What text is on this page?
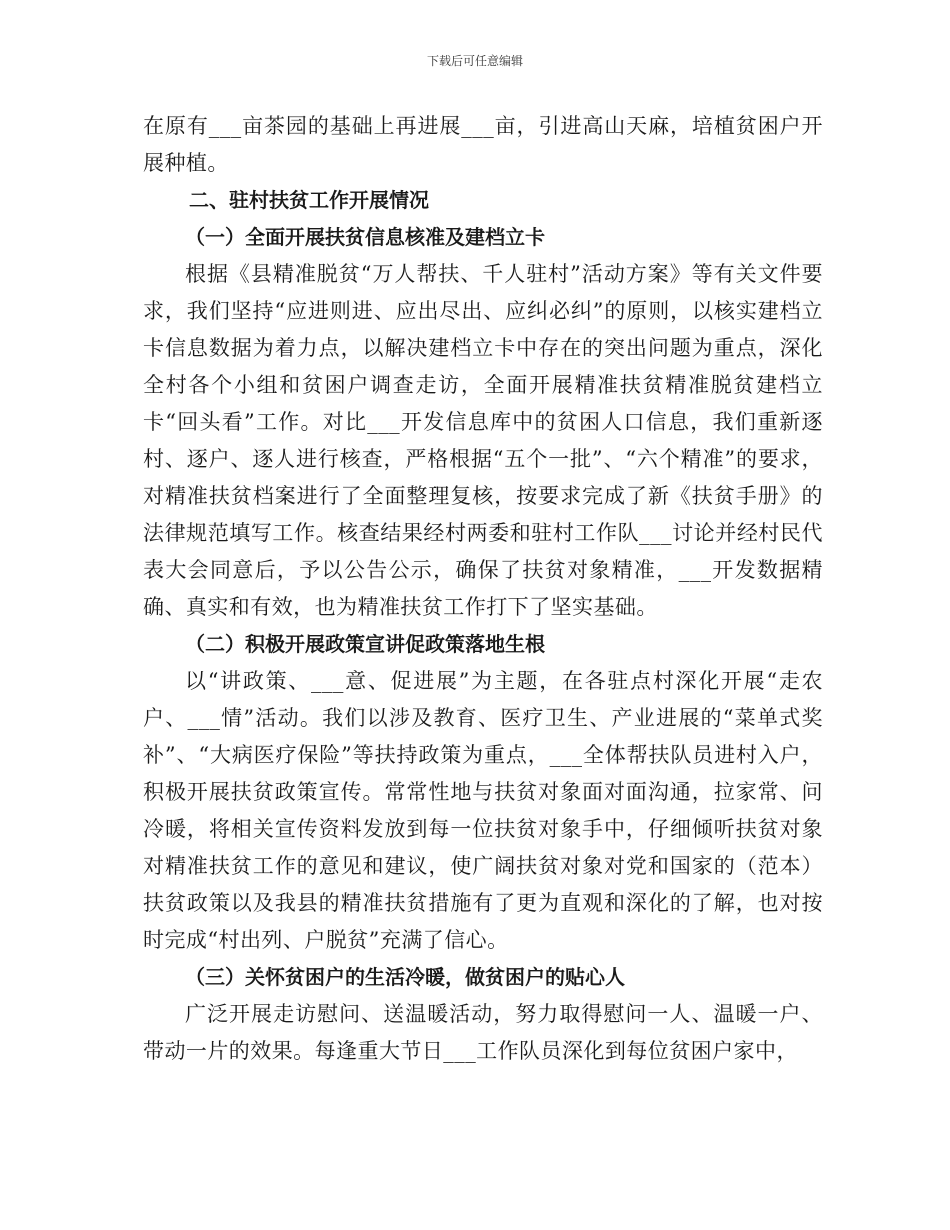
下载后可任意编辑

在原有___亩茶园的基础上再进展___亩，引进高山天麻，培植贫困户开展种植。

二、驻村扶贫工作开展情况

（一）全面开展扶贫信息核准及建档立卡

根据《县精准脱贫“万人帮扶、千人驻村”活动方案》等有关文件要求，我们坚持“应进则进、应出尽出、应纠必纠”的原则，以核实建档立卡信息数据为着力点，以解决建档立卡中存在的突出问题为重点，深化全村各个小组和贫困户调查走访，全面开展精准扶贫精准脱贫建档立卡“回头看”工作。对比___开发信息库中的贫困人口信息，我们重新逐村、逐户、逐人进行核查，严格根据“五个一批”、“六个精准”的要求，对精准扶贫档案进行了全面整理复核，按要求完成了新《扶贫手册》的法律规范填写工作。核查结果经村两委和驻村工作队___讨论并经村民代表大会同意后，予以公告公示，确保了扶贫对象精准，___开发数据精确、真实和有效，也为精准扶贫工作打下了坚实基础。

（二）积极开展政策宣讲促政策落地生根

以“讲政策、___意、促进展”为主题，在各驻点村深化开展“走农户、___情”活动。我们以涉及教育、医疗卫生、产业进展的“菜单式奖补”、“大病医疗保险”等扶持政策为重点，___全体帮扶队员进村入户，积极开展扶贫政策宣传。常常性地与扶贫对象面对面沟通，拉家常、问冷暖，将相关宣传资料发放到每一位扶贫对象手中，仔细倾听扶贫对象对精准扶贫工作的意见和建议，使广阔扶贫对象对党和国家的（范本）扶贫政策以及我县的精准扶贫措施有了更为直观和深化的了解，也对按时完成“村出列、户脱贫”充满了信心。

（三）关怀贫困户的生活冷暖，做贫困户的贴心人

广泛开展走访慰问、送温暖活动，努力取得慰问一人、温暖一户、带动一片的效果。每逢重大节日___工作队员深化到每位贫困户家中，
